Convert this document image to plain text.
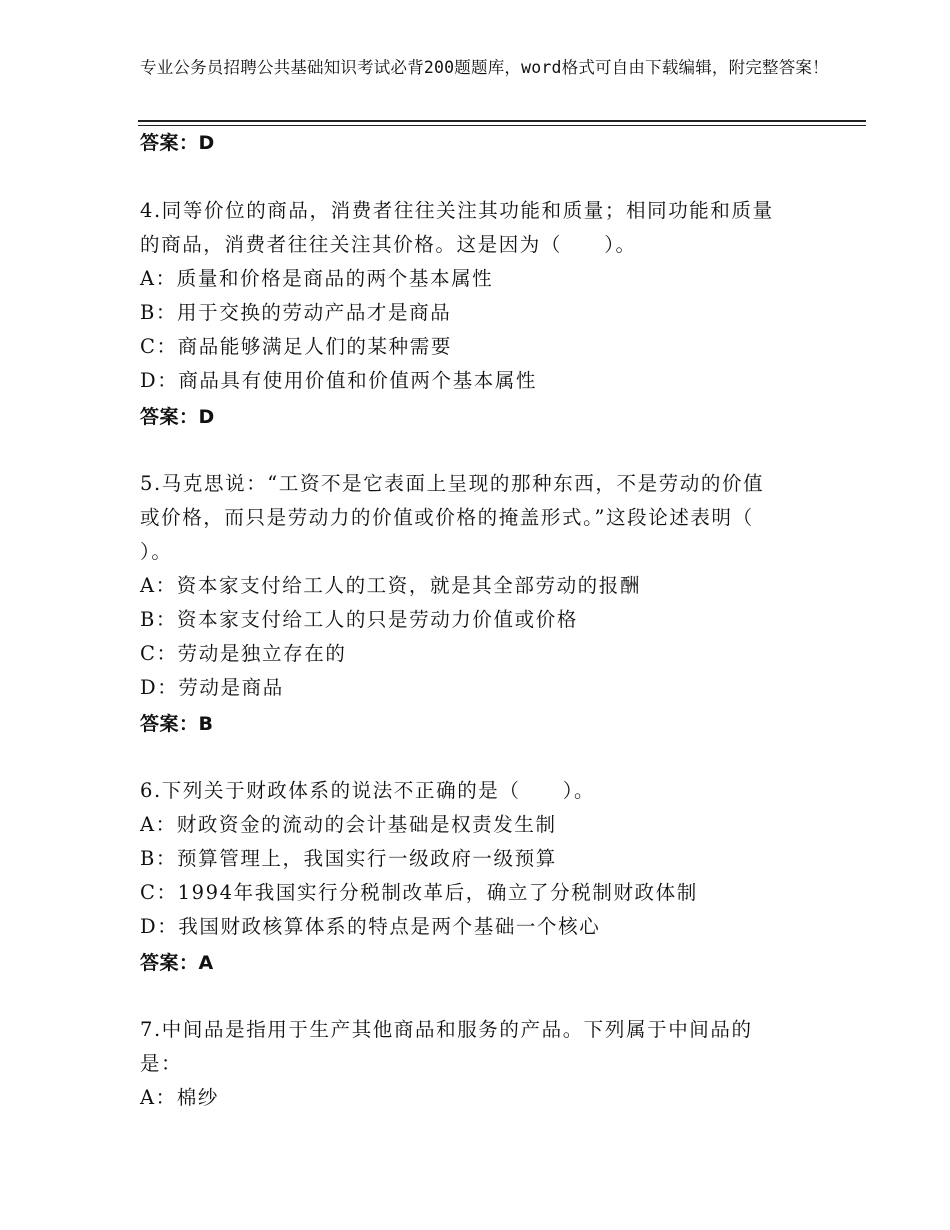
专业公务员招聘公共基础知识考试必背200题题库，word格式可自由下载编辑，附完整答案！
答案：D
4.同等价位的商品，消费者往往关注其功能和质量；相同功能和质量
的商品，消费者往往关注其价格。这是因为（　　）。
A：质量和价格是商品的两个基本属性
B：用于交换的劳动产品才是商品
C：商品能够满足人们的某种需要
D：商品具有使用价值和价值两个基本属性
答案：D
5.马克思说：“工资不是它表面上呈现的那种东西，不是劳动的价值
或价格，而只是劳动力的价值或价格的掩盖形式。”这段论述表明（
）。
A：资本家支付给工人的工资，就是其全部劳动的报酬
B：资本家支付给工人的只是劳动力价值或价格
C：劳动是独立存在的
D：劳动是商品
答案：B
6.下列关于财政体系的说法不正确的是（　　）。
A：财政资金的流动的会计基础是权责发生制
B：预算管理上，我国实行一级政府一级预算
C：1994年我国实行分税制改革后，确立了分税制财政体制
D：我国财政核算体系的特点是两个基础一个核心
答案：A
7.中间品是指用于生产其他商品和服务的产品。下列属于中间品的
是：
A：棉纱
